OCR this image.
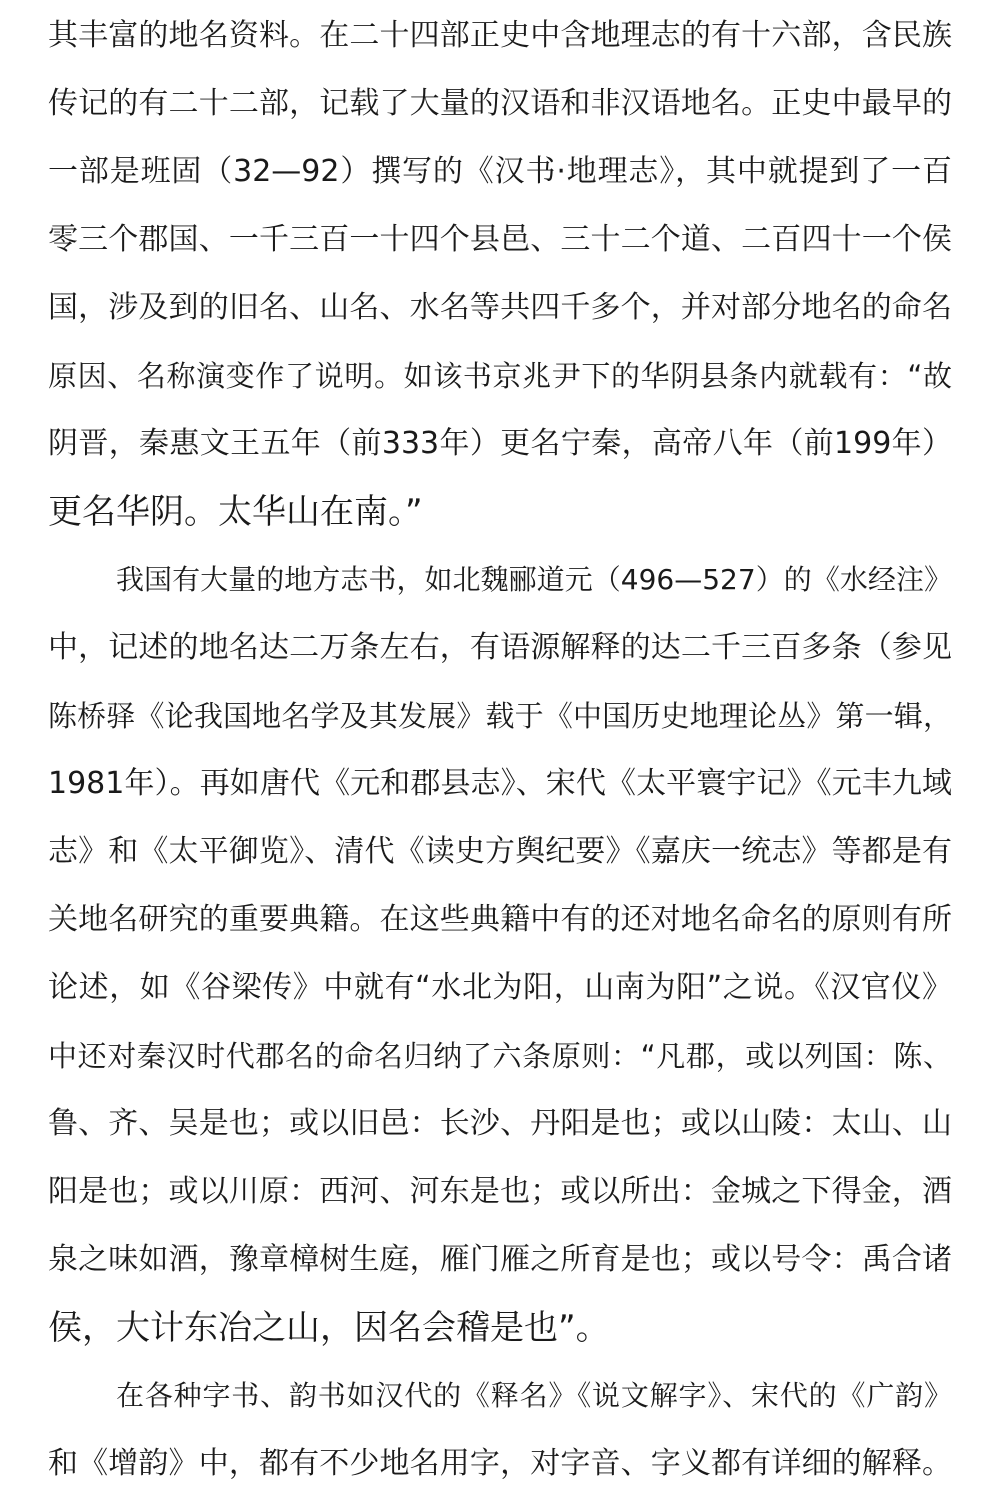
其丰富的地名资料。在二十四部正史中含地理志的有十六部，含民族
传记的有二十二部，记载了大量的汉语和非汉语地名。正史中最早的
一部是班固（32—92）撰写的《汉书·地理志》，其中就提到了一百
零三个郡国、一千三百一十四个县邑、三十二个道、二百四十一个侯
国，涉及到的旧名、山名、水名等共四千多个，并对部分地名的命名
原因、名称演变作了说明。如该书京兆尹下的华阴县条内就载有：“故
阴晋，秦惠文王五年（前333年）更名宁秦，高帝八年（前199年）
更名华阴。太华山在南。”
我国有大量的地方志书，如北魏郦道元（496—527）的《水经注》
中，记述的地名达二万条左右，有语源解释的达二千三百多条（参见
陈桥驿《论我国地名学及其发展》载于《中国历史地理论丛》第一辑，
1981年）。再如唐代《元和郡县志》、宋代《太平寰宇记》《元丰九域
志》和《太平御览》、清代《读史方舆纪要》《嘉庆一统志》等都是有
关地名研究的重要典籍。在这些典籍中有的还对地名命名的原则有所
论述，如《谷梁传》中就有“水北为阳，山南为阳”之说。《汉官仪》
中还对秦汉时代郡名的命名归纳了六条原则：“凡郡，或以列国：陈、
鲁、齐、吴是也；或以旧邑：长沙、丹阳是也；或以山陵：太山、山
阳是也；或以川原：西河、河东是也；或以所出：金城之下得金，酒
泉之味如酒，豫章樟树生庭，雁门雁之所育是也；或以号令：禹合诸
侯，大计东冶之山，因名会稽是也”。
在各种字书、韵书如汉代的《释名》《说文解字》、宋代的《广韵》
和《增韵》中，都有不少地名用字，对字音、字义都有详细的解释。
